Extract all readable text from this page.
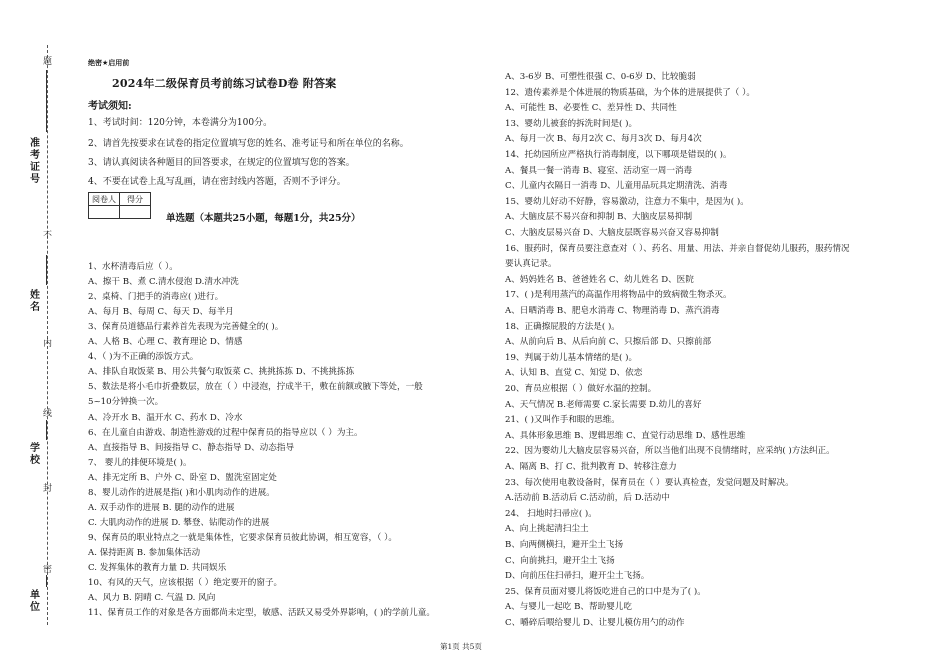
题
不
内
线
封
密
准考证号
姓名
学校
单位
绝密★启用前
2024年二级保育员考前练习试卷D卷 附答案
考试须知:
1、考试时间：120分钟，本卷满分为100分。
2、请首先按要求在试卷的指定位置填写您的姓名、准考证号和所在单位的名称。
3、请认真阅读各种题目的回答要求，在规定的位置填写您的答案。
4、不要在试卷上乱写乱画，请在密封线内答题，否则不予评分。
阅卷人	得分

单选题（本题共25小题，每题1分，共25分）
1、水杯清毒后应（ ）。
A、擦干 B、煮 C.清水侵泡 D.清水冲洗
2、桌椅、门把手的消毒应( )进行。
A、每月 B、每周 C、每天 D、每半月
3、保育员道德品行素养首先表现为完善健全的( )。
A、人格 B、心理 C、教育理论 D、情感
4、（ )为不正确的添饭方式。
A、排队自取饭菜 B、用公共餐勺取饭菜 C、挑挑拣拣 D、不挑挑拣拣
5、数法是将小毛巾折叠数层，放在（ ）中浸泡，拧成半干，敷在前额或腋下等处，一般
5~10分钟换一次。
A、冷开水 B、温开水 C、药水 D、冷水
6、在儿童自由游戏、制造性游戏的过程中保育员的指导应以（ ）为主。
A、直接指导 B、间接指导 C、静态指导 D、动态指导
7、 婴儿的排便环境是( )。
A、排无定所 B、户外 C、卧室 D、盥洗室固定处
8、婴儿动作的进展是指( )和小肌肉动作的进展。
A. 双手动作的进展 B. 腿的动作的进展
C. 大肌肉动作的进展 D. 攀登、钻爬动作的进展
9、保育员的职业特点之一就是集体性，它要求保育员彼此协调，相互宽容，（ ）。
A. 保持距离 B. 参加集体活动
C. 发挥集体的教育力量 D. 共同娱乐
10、有风的天气，应该根据（ ）绝定要开的窗子。
A、风力 B. 阴晴 C. 气温 D. 风向
11、保育员工作的对象是各方面都尚未定型，敏感、活跃又易受外界影响，( )的学前儿童。
A、3-6岁 B、可塑性很强 C、0-6岁 D、比较脆弱
12、遗传素养是个体进展的物质基础，为个体的进展提供了（ ）。
A、可能性 B、必要性 C、差异性 D、共同性
13、婴幼儿被套的拆洗时间是( )。
A、每月一次 B、每月2次 C、每月3次 D、每月4次
14、托幼园所应严格执行消毒制度，以下哪项是错误的( )。
A、餐具一餐一消毒 B、寝室、活动室一周一消毒
C、儿童内衣隔日一消毒 D、儿童用品玩具定期清洗、消毒
15、婴幼儿好动不好静，容易激动，注意力不集中，是因为( )。
A、大脑皮层不易兴奋和抑制 B、大脑皮层易抑制
C、大脑皮层易兴奋 D、大脑皮层既容易兴奋又容易抑制
16、服药时，保育员要注意查对（ ）、药名、用量、用法、并亲自督促幼儿服药，服药情况
要认真记录。
A、妈妈姓名 B、爸爸姓名 C、幼儿姓名 D、医院
17、( )是利用蒸汽的高温作用将物品中的致病微生物杀灭。
A、日晒消毒 B、肥皂水消毒 C、物理消毒 D、蒸汽消毒
18、正确擦屁股的方法是( )。
A、从前向后 B、从后向前 C、只擦后部 D、只擦前部
19、判属于幼儿基本情绪的是( )。
A、认知 B、直觉 C、知觉 D、依恋
20、育员应根据（ ）做好水温的控制。
A、天气情况 B.老师需要 C.家长需要 D.幼儿的喜好
21、( )又叫作手和眼的思维。
A、具体形象思维 B、逻辑思维 C、直觉行动思维 D、感性思维
22、因为婴幼儿大脑皮层容易兴奋，所以当他们出现不良情绪时，应采纳( )方法纠正。
A、隔离 B、打 C、批判教育 D、转移注意力
23、每次使用电教设备时，保育员在（ ）要认真检查，发觉问题及时解决。
A.活动前 B.活动后 C.活动前，后 D.活动中
24、 扫地时扫帚应( )。
A、向上挑起清扫尘土
B、向两侧横扫，避开尘土飞扬
C、向前挑扫，避开尘土飞扬
D、向前压住扫帚扫，避开尘土飞扬。
25、保育员面对婴儿将饭吃进自己的口中是为了( )。
A、与婴儿一起吃 B、帮助婴儿吃
C、嚼碎后喂给婴儿 D、让婴儿模仿用勺的动作
第1页 共5页
